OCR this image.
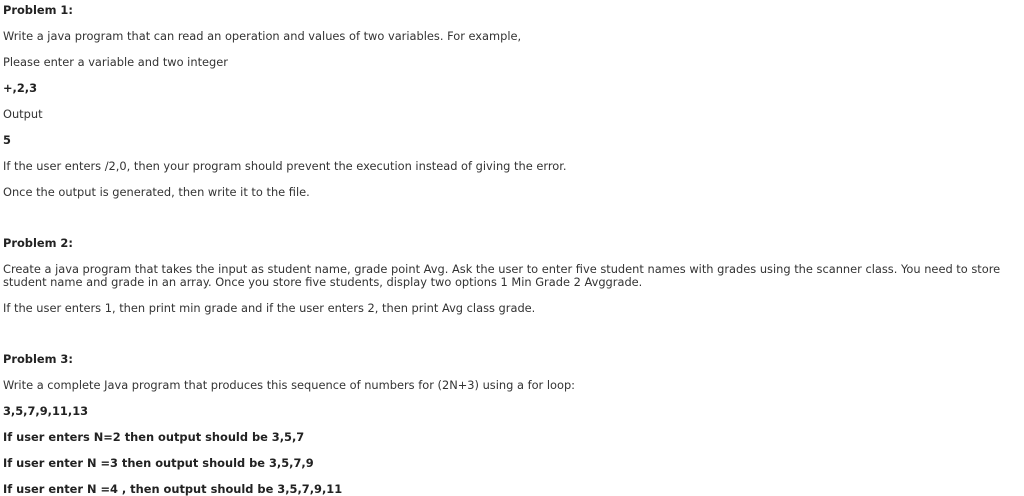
Problem 1:

Write a java program that can read an operation and values of two variables. For example,

Please enter a variable and two integer

+,2,3

Output

5

If the user enters /2,0, then your program should prevent the execution instead of giving the error.

Once the output is generated, then write it to the file.

Problem 2:

Create a java program that takes the input as student name, grade point Avg. Ask the user to enter five student names with grades using the scanner class. You need to store student name and grade in an array. Once you store five students, display two options 1 Min Grade 2 Avggrade.

If the user enters 1, then print min grade and if the user enters 2, then print Avg class grade.

Problem 3:

Write a complete Java program that produces this sequence of numbers for (2N+3) using a for loop:

3,5,7,9,11,13

If user enters N=2 then output should be 3,5,7

If user enter N =3 then output should be 3,5,7,9

If user enter N =4 , then output should be 3,5,7,9,11
